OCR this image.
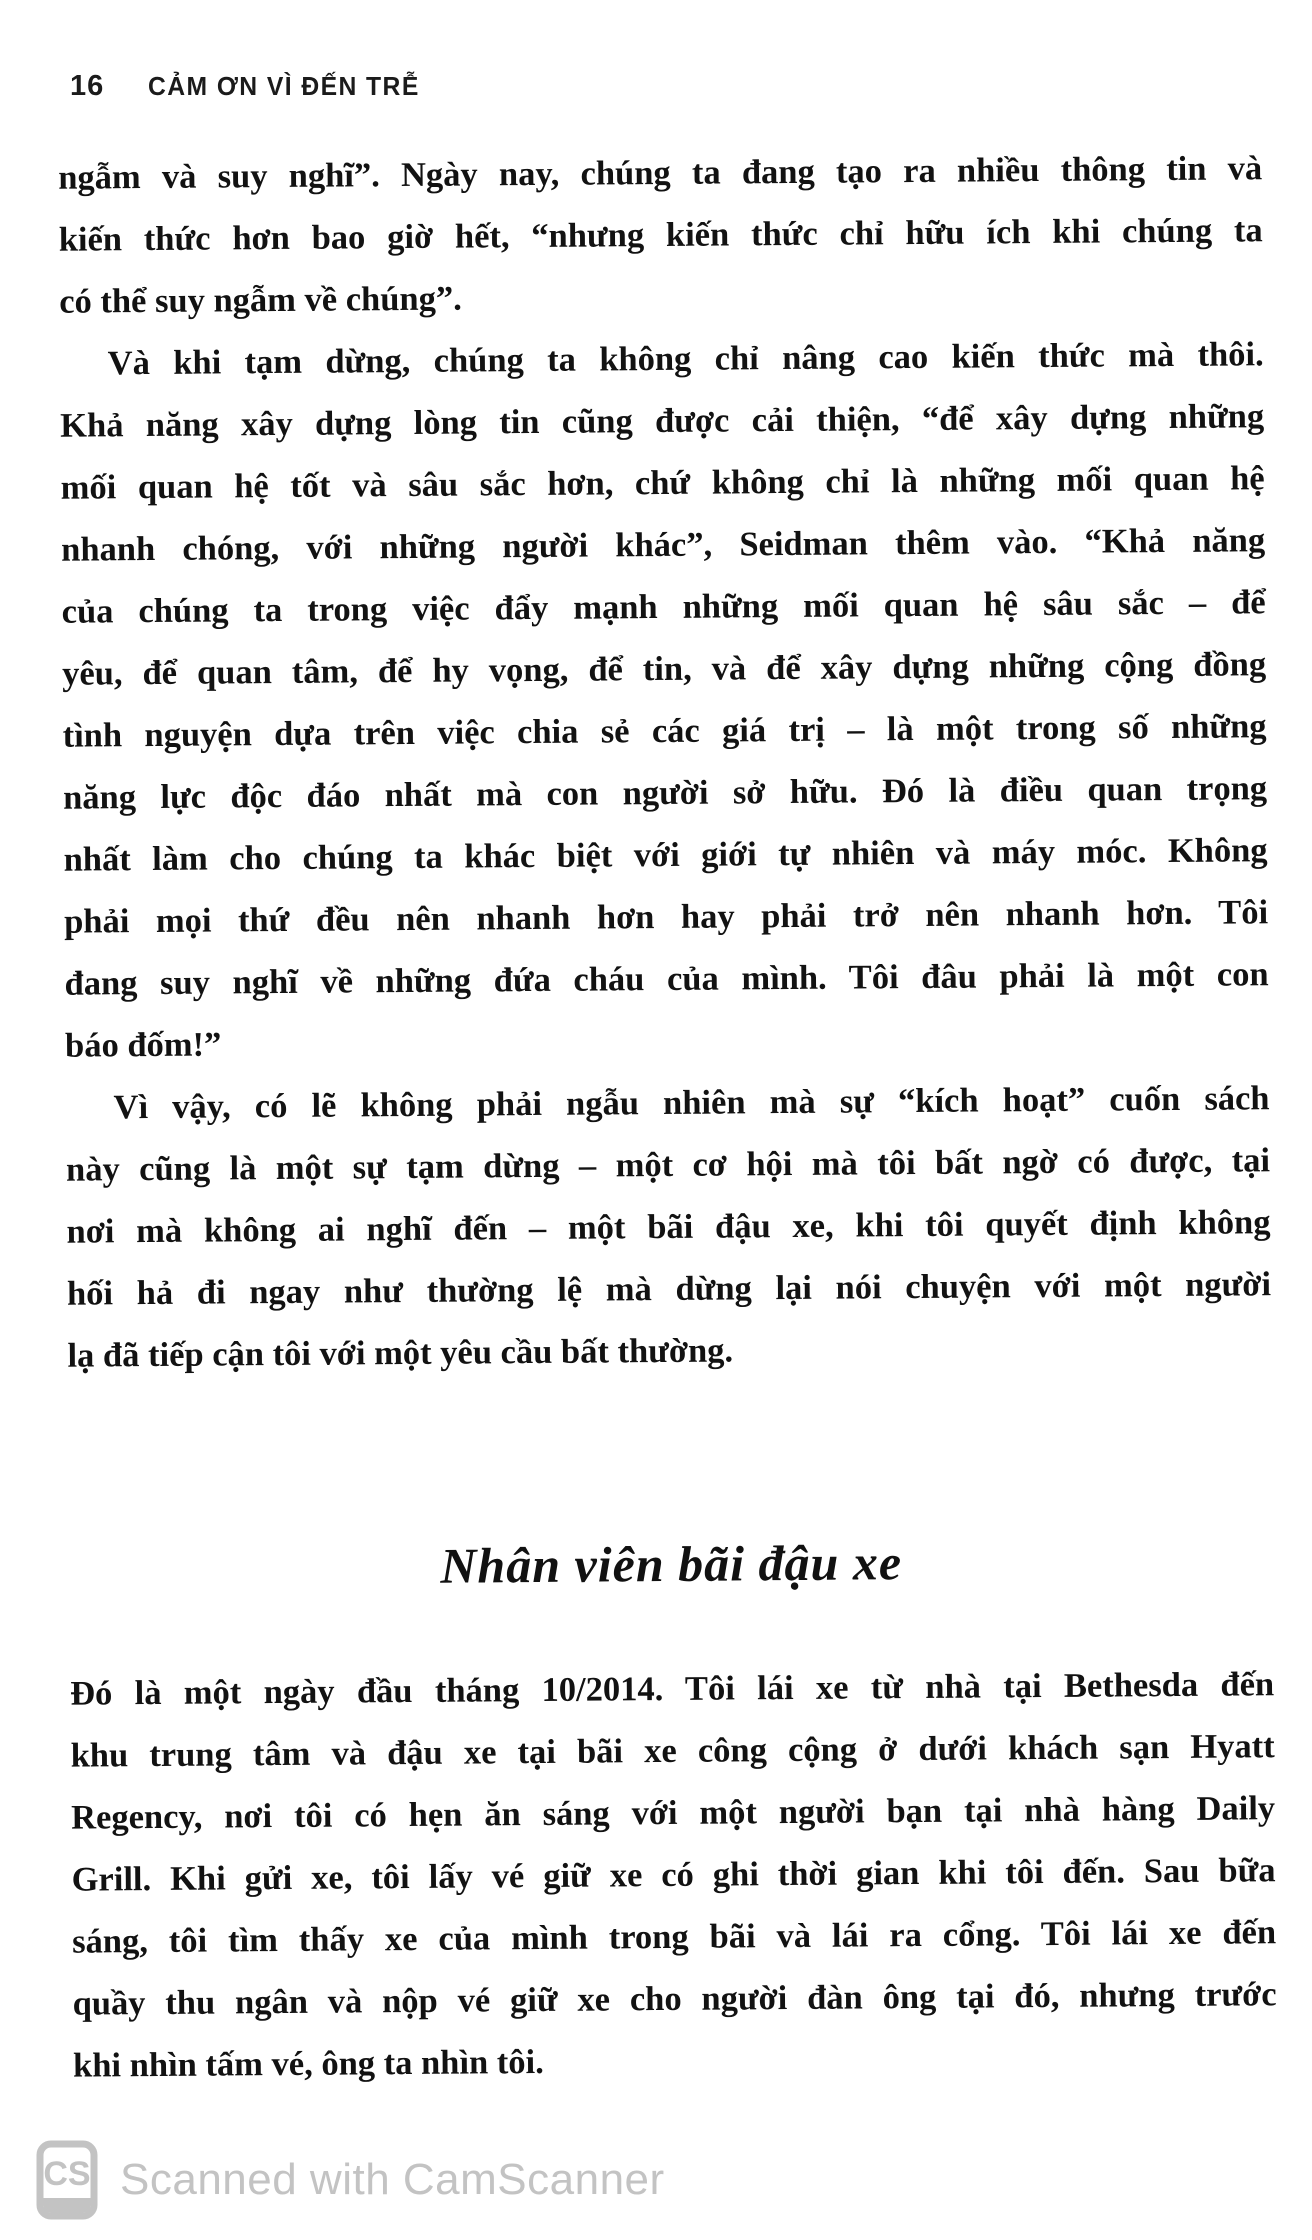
16 CẢM ƠN VÌ ĐẾN TRỄ
ngẫm và suy nghĩ”. Ngày nay, chúng ta đang tạo ra nhiều thông tin và
kiến thức hơn bao giờ hết, “nhưng kiến thức chỉ hữu ích khi chúng ta
có thể suy ngẫm về chúng”.
Và khi tạm dừng, chúng ta không chỉ nâng cao kiến thức mà thôi.
Khả năng xây dựng lòng tin cũng được cải thiện, “để xây dựng những
mối quan hệ tốt và sâu sắc hơn, chứ không chỉ là những mối quan hệ
nhanh chóng, với những người khác”, Seidman thêm vào. “Khả năng
của chúng ta trong việc đẩy mạnh những mối quan hệ sâu sắc – để
yêu, để quan tâm, để hy vọng, để tin, và để xây dựng những cộng đồng
tình nguyện dựa trên việc chia sẻ các giá trị – là một trong số những
năng lực độc đáo nhất mà con người sở hữu. Đó là điều quan trọng
nhất làm cho chúng ta khác biệt với giới tự nhiên và máy móc. Không
phải mọi thứ đều nên nhanh hơn hay phải trở nên nhanh hơn. Tôi
đang suy nghĩ về những đứa cháu của mình. Tôi đâu phải là một con
báo đốm!”
Vì vậy, có lẽ không phải ngẫu nhiên mà sự “kích hoạt” cuốn sách
này cũng là một sự tạm dừng – một cơ hội mà tôi bất ngờ có được, tại
nơi mà không ai nghĩ đến – một bãi đậu xe, khi tôi quyết định không
hối hả đi ngay như thường lệ mà dừng lại nói chuyện với một người
lạ đã tiếp cận tôi với một yêu cầu bất thường.
Nhân viên bãi đậu xe
Đó là một ngày đầu tháng 10/2014. Tôi lái xe từ nhà tại Bethesda đến
khu trung tâm và đậu xe tại bãi xe công cộng ở dưới khách sạn Hyatt
Regency, nơi tôi có hẹn ăn sáng với một người bạn tại nhà hàng Daily
Grill. Khi gửi xe, tôi lấy vé giữ xe có ghi thời gian khi tôi đến. Sau bữa
sáng, tôi tìm thấy xe của mình trong bãi và lái ra cổng. Tôi lái xe đến
quầy thu ngân và nộp vé giữ xe cho người đàn ông tại đó, nhưng trước
khi nhìn tấm vé, ông ta nhìn tôi.
CS Scanned with CamScanner
